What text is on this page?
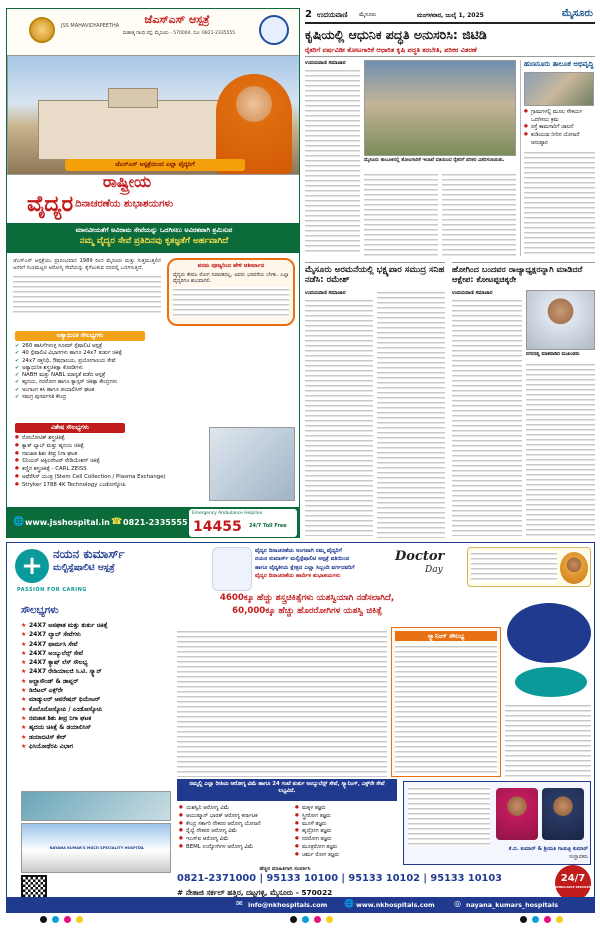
2 ಉದಯವಾಣಿ ಮೈಸೂರು	ಮಂಗಳವಾರ, ಜುಲೈ 1, 2025	ಮೈಸೂರು
JSS MAHAVIDYAPEETHA	ಜೆಎಸ್‌ಎಸ್ ಆಸ್ಪತ್ರೆ
ಮಹಾತ್ಮ ಗಾಂಧಿ ರಸ್ತೆ, ಮೈಸೂರು - 570004. ದೂ: 0821-2335555
ಜೆಎಸ್‌ಎಸ್ ಆಸ್ಪತ್ರೆಯಿಂದ ಎಲ್ಲಾ ವೈದ್ಯರಿಗೆ
ರಾಷ್ಟ್ರೀಯ
ವೈದ್ಯರ ದಿನಾಚರಣೆಯ ಶುಭಾಶಯಗಳು
ಮಾನವೀಯತೆಗೆ ಅವಿರಾಮ ಸೇವೆಯನ್ನು ಒದಗಿಸಲು ಅವಿರತವಾಗಿ ಶ್ರಮಿಸುವ
ನಮ್ಮ ವೈದ್ಯರ ಸೇವೆ ಪ್ರತಿದಿನವು ಕೃತಜ್ಞತೆಗೆ ಅರ್ಹವಾಗಿದೆ

ಜೆಎಸ್‌ಎಸ್ ಆಸ್ಪತ್ರೆಯು ಪ್ರಾರಂಭವಾದ 1989 ರಿಂದ ಮೈಸೂರು ಮತ್ತು ಸುತ್ತಮುತ್ತಲಿನ ಜನರಿಗೆ ಗುಣಮಟ್ಟದ ಆರೋಗ್ಯ ಸೇವೆಯನ್ನು ಕೈಗೆಟುಕುವ ದರದಲ್ಲಿ ಒದಗಿಸುತ್ತಿದೆ.	ಪರಮ ಪೂಜ್ಯರಿಂದ ಹೇಳಿ ಆಶೀರ್ವಾದ

ವೈದ್ಯರು ಕೇವಲ ರೋಗ ನಿವಾರಕರಲ್ಲ, ಅವರು ಭರವಸೆಯ ಬೆಳಕು. ಎಲ್ಲಾ ವೈದ್ಯರಿಗೂ ಶುಭವಾಗಲಿ.

ಅತ್ಯಾಧುನಿಕ ಸೌಲಭ್ಯಗಳು
✔ 260 ಹಾಸಿಗೆಗಳುಳ್ಳ ಸೂಪರ್ ಸ್ಪೆಷಾಲಿಟಿ ಆಸ್ಪತ್ರೆ
✔ 40 ಸ್ಪೆಷಾಲಿಟಿ ವಿಭಾಗಗಳು ಹಾಗೂ 24x7 ತುರ್ತು ಚಿಕಿತ್ಸೆ
✔ 24x7 ರಕ್ತನಿಧಿ, ಔಷಧಾಲಯ, ಪ್ರಯೋಗಾಲಯ ಸೇವೆ
✔ ಅತ್ಯಾಧುನಿಕ ಶಸ್ತ್ರಚಿಕಿತ್ಸಾ ಕೊಠಡಿಗಳು
✔ NABH ಮತ್ತು NABL ಮಾನ್ಯತೆ ಪಡೆದ ಆಸ್ಪತ್ರೆ
✔ ಹೃದಯ, ನರರೋಗ ಹಾಗೂ ಕ್ಯಾನ್ಸರ್ ಚಿಕಿತ್ಸಾ ಕೇಂದ್ರಗಳು
✔ ಅಂಗಾಂಗ ಕಸಿ ಹಾಗೂ ಡಯಾಲಿಸಿಸ್ ಘಟಕ
✔ ಸಮಗ್ರ ಪುನರ್ವಸತಿ ಕೇಂದ್ರ
ವಿಶೇಷ ಸೌಲಭ್ಯಗಳು
● ರೋಬೋಟಿಕ್ ಶಸ್ತ್ರಚಿಕಿತ್ಸೆ
● ಕ್ಯಾತ್ ಲ್ಯಾಬ್ ಮತ್ತು ಹೃದಯ ಚಿಕಿತ್ಸೆ
● ನವಜಾತ ಶಿಶು ತೀವ್ರ ನಿಗಾ ಘಟಕ
● ಲಿನಿಯರ್ ಆಕ್ಸಿಲರೇಟರ್ ರೇಡಿಯೇಶನ್ ಚಿಕಿತ್ಸೆ
● ಕಣ್ಣಿನ ಶಸ್ತ್ರಚಿಕಿತ್ಸೆ - CARL ZEISS
● ಅಫೆರೆಸಿಸ್ ಯಂತ್ರ (Stem Cell Collection / Plasma Exchange)
● Stryker 1788 4K Technology ಎಂಡೋಸ್ಕೋಪಿ
🌐 www.jsshospital.in ☎ 0821-2335555
Emergency Ambulance Helpline
14455 24/7 Toll Free
ಕೃಷಿಯಲ್ಲಿ ಆಧುನಿಕ ಪದ್ಧತಿ ಅನುಸರಿಸಿ: ಜಿಟಿಡಿ
ರೈತರಿಗೆ ವರ್ಷವಿಡೀ ತೋಟಗಾರಿಕೆ ಆಧಾರಿತ ಕೃಷಿ ಪದ್ಧತಿ ತರಬೇತಿ, ಪರಿಕರ ವಿತರಣೆ
ಉದಯವಾಣಿ ಸಮಾಚಾರ
ಮೈಸೂರು ತಾಲೂಕಿನಲ್ಲಿ ತೋಟಗಾರಿಕೆ ಇಲಾಖೆ ವತಿಯಿಂದ ರೈತರಿಗೆ ಪರಿಕರ ವಿತರಿಸಲಾಯಿತು.
ಹುಣಸೂರು ತಾಲೂಕ ಅಭಿವೃದ್ಧಿ
● ಗ್ರಾಮಗಳಲ್ಲಿ ಮೂಲ ಸೌಕರ್ಯ ಒದಗಿಸಲು ಕ್ರಮ
● ರಸ್ತೆ ಕಾಮಗಾರಿಗೆ ಚಾಲನೆ
● ಕುಡಿಯುವ ನೀರಿನ ಯೋಜನೆ ಅನುಷ್ಠಾನ
ಮೈಸೂರು ಅರಮನೆಯಲ್ಲಿ ಭಕ್ಷ್ಯಪಾರ ಸಮುದ್ರ ಸನಿಹ ನಡೆಸಿ: ರಮೇಶ್
ಉದಯವಾಣಿ ಸಮಾಚಾರ
ಹೋಗಿಂದ ಬಂದವರ ರಾಜ್ಯಾಧ್ಯಕ್ಷರನ್ನಾಗಿ ಮಾಡಿದರೆ ಆಕ್ಷೇಪ: ಕೋಟಪ್ಪಚಿಕ್ಕರೇ
ಉದಯವಾಣಿ ಸಮಾಚಾರ
ನಗರದಲ್ಲಿ ಮಾತನಾಡಿದ ಮುಖಂಡರು
+ ನಯನ ಕುಮಾರ್ಸ್
ಮಲ್ಟಿಸ್ಪೆಷಾಲಿಟಿ ಆಸ್ಪತ್ರೆ
PASSION FOR CARING
ವೈದ್ಯರ ದಿನಾಚರಣೆಯ ಅಂಗವಾಗಿ ನಮ್ಮ ವೈದ್ಯರಿಗೆ
ನಯನ ಕುಮಾರ್ಸ್ ಮಲ್ಟಿಸ್ಪೆಷಾಲಿಟಿ ಆಸ್ಪತ್ರೆ ವತಿಯಿಂದ
ಹಾಗೂ ವೈದ್ಯಕೀಯ ಕ್ಷೇತ್ರದ ಎಲ್ಲಾ ಸಿಬ್ಬಂದಿ ವರ್ಗದವರಿಗೆ
ವೈದ್ಯರ ದಿನಾಚರಣೆಯ ಹಾರ್ದಿಕ ಶುಭಾಶಯಗಳು
Doctor
Day
4600ಕ್ಕೂ ಹೆಚ್ಚು ಶಸ್ತ್ರಚಿಕಿತ್ಸೆಗಳು ಯಶಸ್ವಿಯಾಗಿ ನಡೆಸಲಾಗಿದೆ,
60,000ಕ್ಕೂ ಹೆಚ್ಚು ಹೊರರೋಗಿಗಳ ಯಶಸ್ವಿ ಚಿಕಿತ್ಸೆ
ಸೌಲಭ್ಯಗಳು
★ 24X7 ಅಪಘಾತ ಮತ್ತು ತುರ್ತು ಚಿಕಿತ್ಸೆ
★ 24X7 ಲ್ಯಾಬ್ ಸೇವೆಗಳು
★ 24X7 ಫಾರ್ಮಸಿ ಸೇವೆ
★ 24X7 ಅಂಬ್ಯುಲೆನ್ಸ್ ಸೇವೆ
★ 24X7 ಕ್ಯಾಷ್ ಲೆಸ್ ಸೌಲಭ್ಯ
★ 24X7 ರೇಡಿಯಾಲಜಿ ಸಿ.ಟಿ. ಸ್ಕ್ಯಾನ್
★ ಅಲ್ಟ್ರಾಸೌಂಡ್ & ಡಾಪ್ಲರ್
★ ಡಿಜಿಟಲ್ ಎಕ್ಸ್‌ರೇ
★ ಮಾಡ್ಯುಲರ್ ಆಪರೇಷನ್ ಥಿಯೇಟರ್
★ ಕೊಲೊನೋಸ್ಕೋಪಿ / ಎಂಡೋಸ್ಕೋಪಿ
★ ನವಜಾತ ಶಿಶು ತೀವ್ರ ನಿಗಾ ಘಟಕ
★ ಹೃದಯ ಚಿಕಿತ್ಸೆ & ಡಯಾಲಿಸಿಸ್
★ ಡಯಾಬಿಟಿಸ್ ಕೇರ್
★ ಫಿಸಿಯೋಥೆರಪಿ ವಿಭಾಗ
ಸ್ಕ್ಯಾನಿಂಗ್ ಸೌಲಭ್ಯ
ನಮ್ಮಲ್ಲಿ ಎಲ್ಲಾ ರೀತಿಯ ಆರೋಗ್ಯ ವಿಮೆ ಹಾಗೂ 24 ಗಂಟೆ ತುರ್ತು ಆಂಬ್ಯುಲೆನ್ಸ್ ಸೇವೆ, ಸ್ಕ್ಯಾನಿಂಗ್, ಎಕ್ಸ್‌ರೇ ಸೇವೆ ಲಭ್ಯವಿದೆ.
NAYANA KUMAR'S MULTI SPECIALITY HOSPITAL
● ಯಶಸ್ವಿನಿ ಆರೋಗ್ಯ ವಿಮೆ
● ಆಯುಷ್ಮಾನ್ ಭಾರತ್ ಆರೋಗ್ಯ ಕರ್ನಾಟಕ
● ಕೇಂದ್ರ ಸರ್ಕಾರಿ ನೌಕರರ ಆರೋಗ್ಯ ಯೋಜನೆ
● ರೈಲ್ವೆ ನೌಕರರ ಆರೋಗ್ಯ ವಿಮೆ
● ಇಎಸ್‌ಐ ಆರೋಗ್ಯ ವಿಮೆ
● BEML ಉದ್ಯೋಗಿಗಳ ಆರೋಗ್ಯ ವಿಮೆ
● ಮಕ್ಕಳ ತಜ್ಞರು
● ಸ್ತ್ರೀರೋಗ ತಜ್ಞರು
● ಮೂಳೆ ತಜ್ಞರು
● ಹೃದ್ರೋಗ ತಜ್ಞರು
● ನರರೋಗ ತಜ್ಞರು
● ಮೂತ್ರರೋಗ ತಜ್ಞರು
● ಚರ್ಮ ರೋಗ ತಜ್ಞರು
ಕೆ.ಬಿ. ಕುಮಾರ್ & ಶ್ರೀಮತಿ ಗಾಯಿತ್ರಿ ಕುಮಾರ್
ಸಂಸ್ಥಾಪಕರು
ಹೆಚ್ಚಿನ ಮಾಹಿತಿಗಾಗಿ ಸಂಪರ್ಕಿಸಿ
0821-2371000 | 95133 10100 | 95133 10102 | 95133 10103
# ನೇತಾಜಿ ಸರ್ಕಲ್ ಹತ್ತಿರ, ದಟ್ಟಗಳ್ಳಿ, ಮೈಸೂರು - 570022
24/7
AMBULANCE SERVICES
✉ info@nkhospitals.com 🌐 www.nkhospitals.com ◎ nayana_kumars_hospitals
